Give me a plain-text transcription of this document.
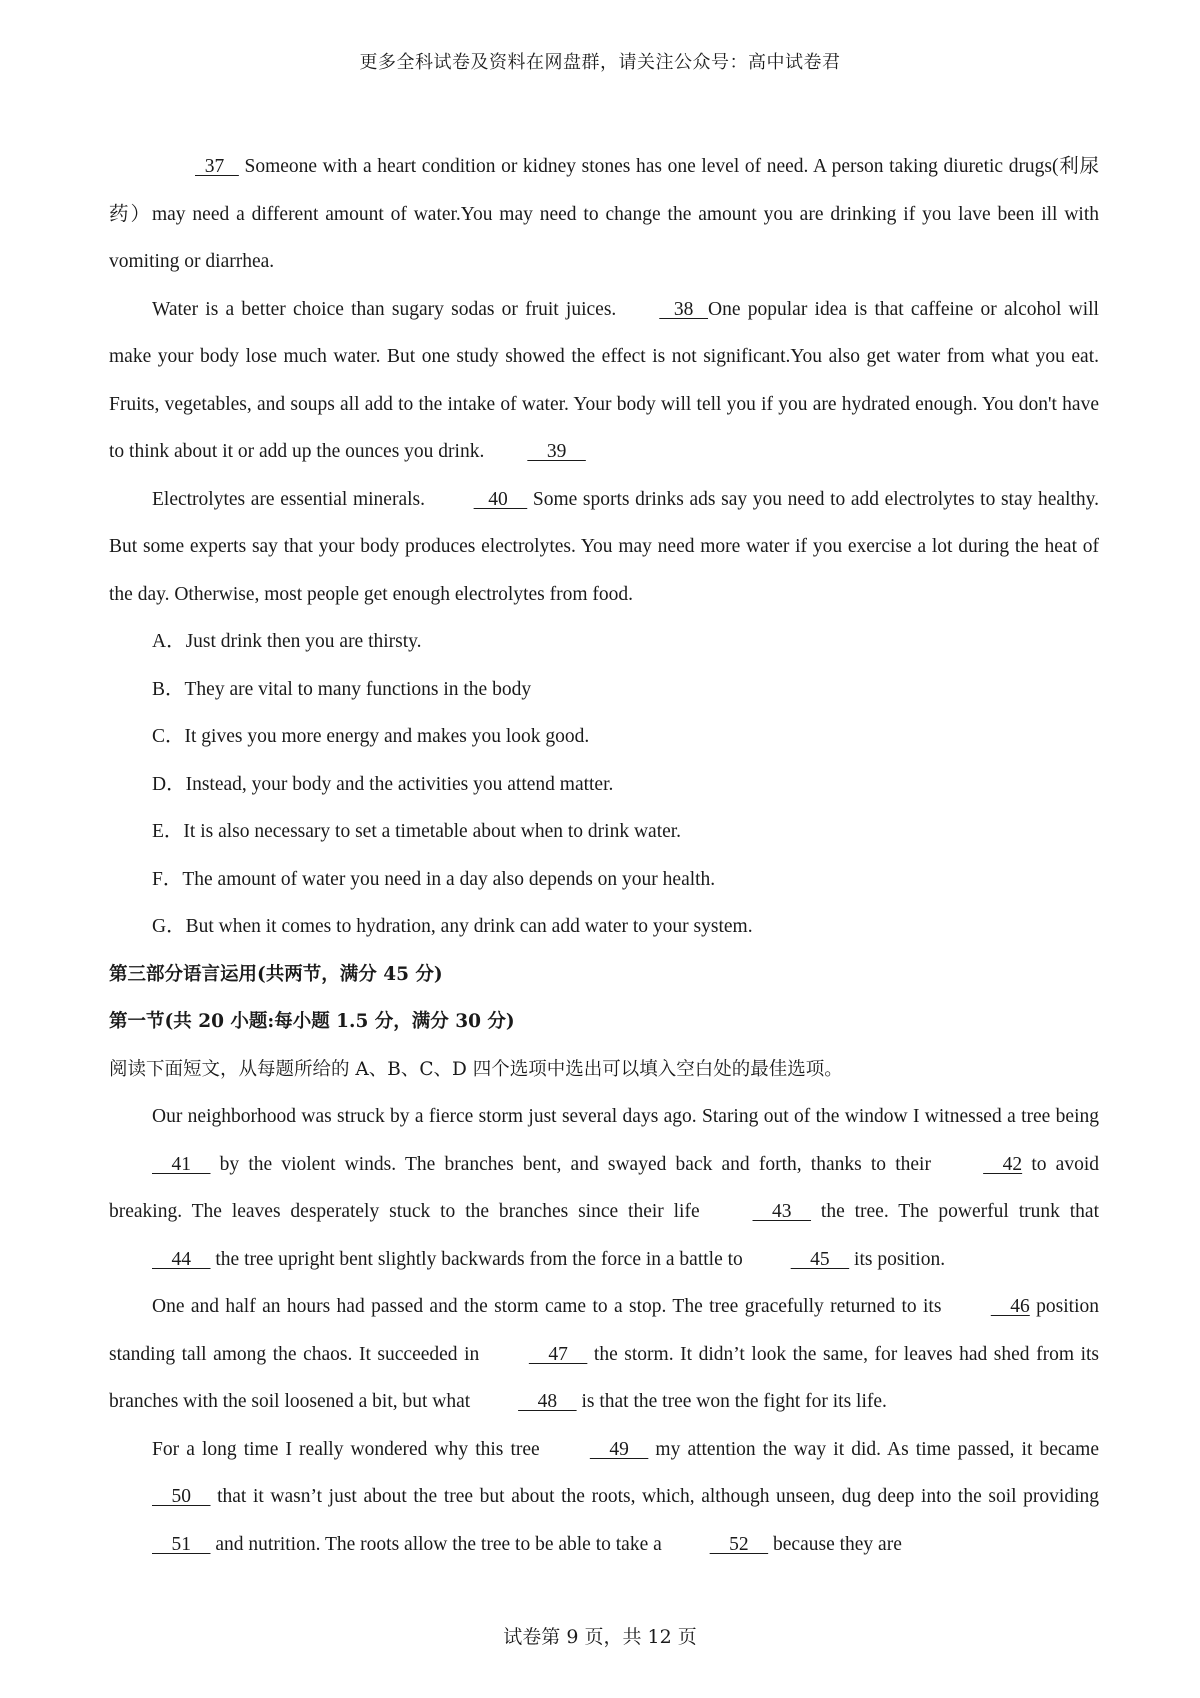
更多全科试卷及资料在网盘群，请关注公众号：高中试卷君

37    Someone with a heart condition or kidney stones has one level of need. A person taking diuretic drugs(利尿药）may need a different amount of water.You may need to change the amount you are drinking if you lave been ill with vomiting or diarrhea.

Water is a better choice than sugary sodas or fruit juices.   38   One popular idea is that caffeine or alcohol will make your body lose much water. But one study showed the effect is not significant.You also get water from what you eat. Fruits, vegetables, and soups all add to the intake of water. Your body will tell you if you are hydrated enough. You don't have to think about it or add up the ounces you drink.    39

Electrolytes are essential minerals.    40     Some sports drinks ads say you need to add electrolytes to stay healthy. But some experts say that your body produces electrolytes. You may need more water if you exercise a lot during the heat of the day. Otherwise, most people get enough electrolytes from food.

A．Just drink then you are thirsty.

B．They are vital to many functions in the body

C．It gives you more energy and makes you look good.

D．Instead, your body and the activities you attend matter.

E．It is also necessary to set a timetable about when to drink water.

F．The amount of water you need in a day also depends on your health.

G．But when it comes to hydration, any drink can add water to your system.

第三部分语言运用(共两节，满分 45 分)

第一节(共 20 小题:每小题 1.5 分，满分 30 分)

阅读下面短文，从每题所给的 A、B、C、D 四个选项中选出可以填入空白处的最佳选项。

Our neighborhood was struck by a fierce storm just several days ago. Staring out of the window I witnessed a tree being     41     by the violent winds. The branches bent, and swayed back and forth, thanks to their     42 to avoid breaking. The leaves desperately stuck to the branches since their life     43     the tree. The powerful trunk that     44     the tree upright bent slightly backwards from the force in a battle to     45     its position.

One and half an hours had passed and the storm came to a stop. The tree gracefully returned to its     46 position standing tall among the chaos. It succeeded in     47     the storm. It didn’t look the same, for leaves had shed from its branches with the soil loosened a bit, but what     48     is that the tree won the fight for its life.

For a long time I really wondered why this tree     49     my attention the way it did. As time passed, it became     50     that it wasn’t just about the tree but about the roots, which, although unseen, dug deep into the soil providing     51     and nutrition. The roots allow the tree to be able to take a     52     because they are

试卷第 9 页，共 12 页
